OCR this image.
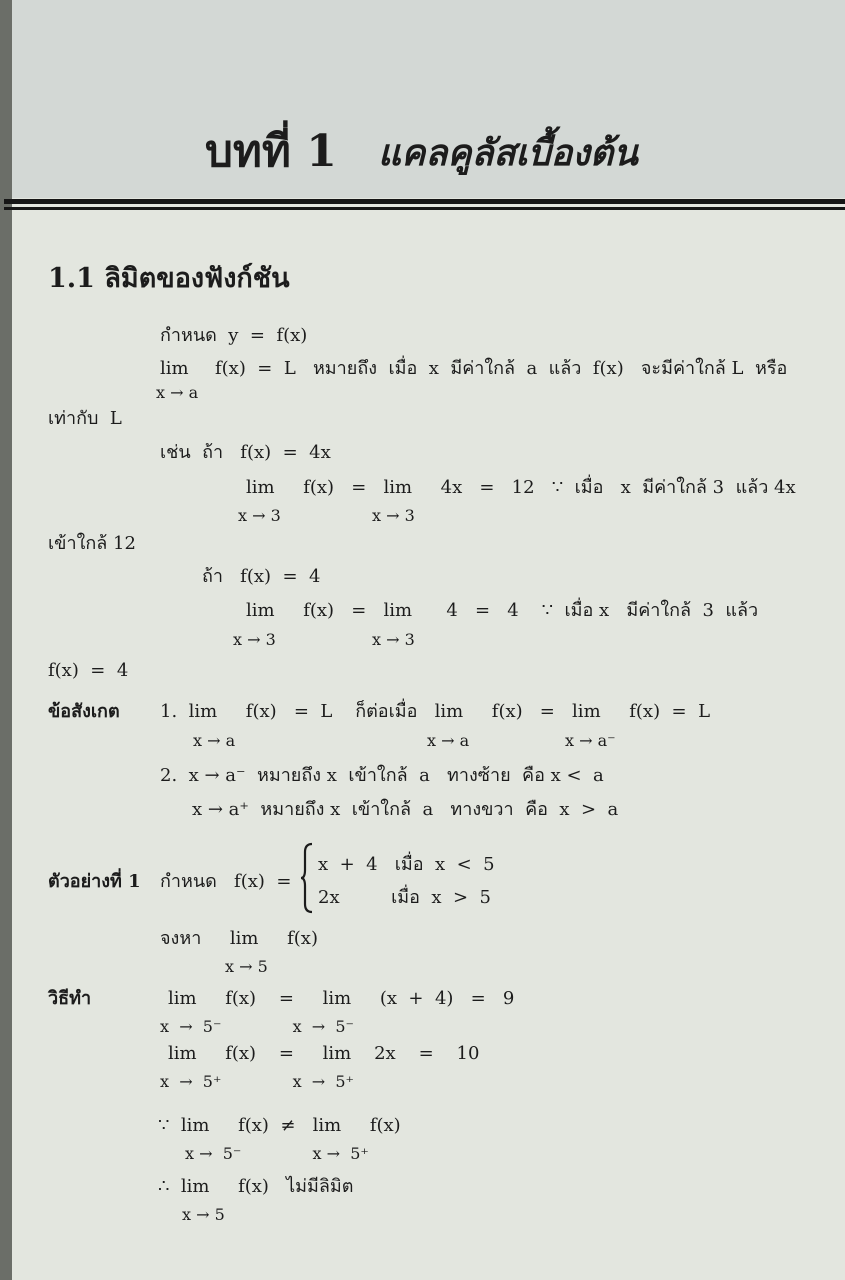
บทที่ 1 แคลคูลัสเบื้องต้น
1.1 ลิมิตของฟังก์ชัน
กำหนด  y  =  f(x)
lim f(x)  =  L   หมายถึง  เมื่อ  x  มีค่าใกล้  a  แล้ว  f(x)   จะมีค่าใกล้ L  หรือ
x → a
เท่ากับ  L
เช่น  ถ้า   f(x)  =  4x
lim     f(x)   =   lim     4x   =   12   ∵  เมื่อ   x  มีค่าใกล้ 3  แล้ว 4x
x → 3	x → 3
เข้าใกล้ 12
ถ้า   f(x)  =  4
lim     f(x)   =   lim      4   =   4    ∵  เมื่อ x   มีค่าใกล้  3  แล้ว
x → 3	x → 3
f(x)  =  4
ข้อสังเกต 1.  lim     f(x)   =  L    ก็ต่อเมื่อ   lim     f(x)   =   lim     f(x)  =  L
x → a	x → a	x → a⁻
2.  x → a⁻  หมายถึง x  เข้าใกล้  a   ทางซ้าย  คือ x <  a
x → a⁺  หมายถึง x  เข้าใกล้  a   ทางขวา  คือ  x  >  a
ตัวอย่างที่ 1 กำหนด   f(x)  =
x  +  4   เมื่อ  x  <  5
2x         เมื่อ  x  >  5
จงหา     lim     f(x)
x → 5
วิธีทำ	lim     f(x)    =     lim     (x  +  4)   =   9
x  →  5⁻              x  →  5⁻
lim     f(x)    =     lim    2x    =    10
x  →  5⁺              x  →  5⁺
∵  lim     f(x)  ≠   lim     f(x)
x →  5⁻              x →  5⁺
∴  lim     f(x)   ไม่มีลิมิต
x → 5
